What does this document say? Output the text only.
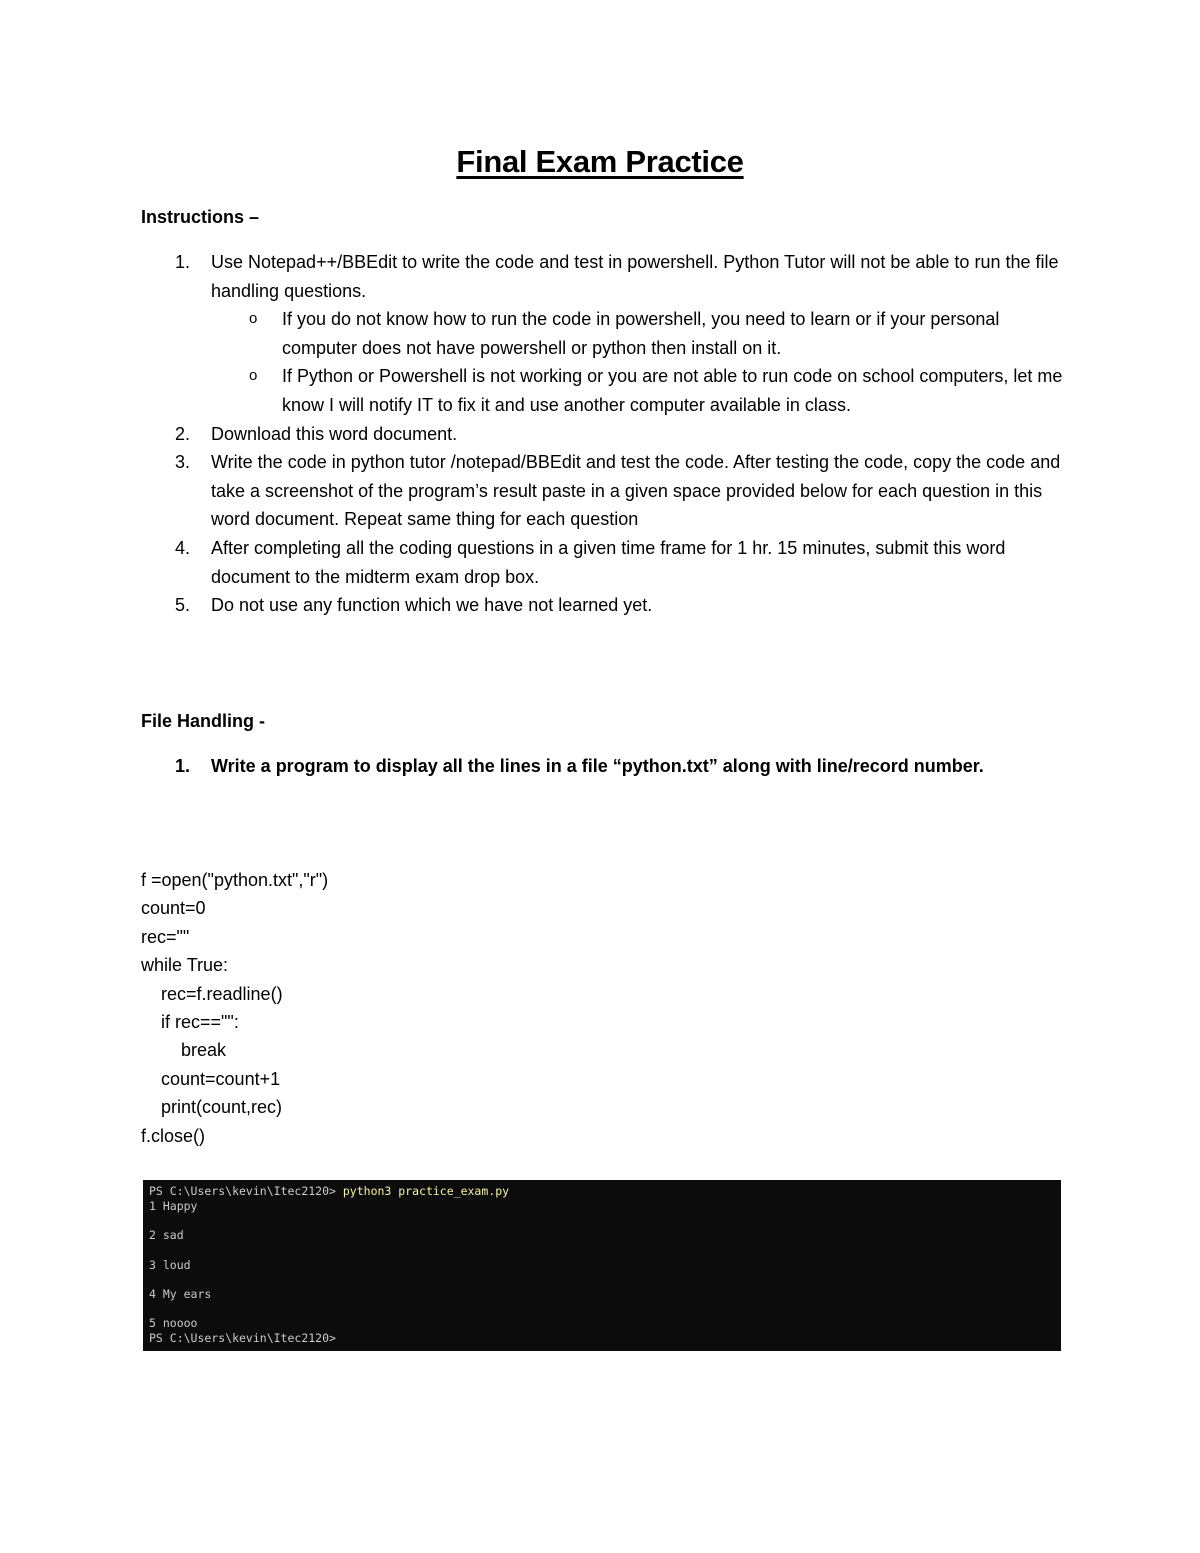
Final Exam Practice
Instructions –
1. Use Notepad++/BBEdit to write the code and test in powershell. Python Tutor will not be able to run the file handling questions.
o If you do not know how to run the code in powershell, you need to learn or if your personal computer does not have powershell or python then install on it.
o If Python or Powershell is not working or you are not able to run code on school computers, let me know I will notify IT to fix it and use another computer available in class.
2. Download this word document.
3. Write the code in python tutor /notepad/BBEdit and test the code. After testing the code, copy the code and take a screenshot of the program’s result paste in a given space provided below for each question in this word document. Repeat same thing for each question
4. After completing all the coding questions in a given time frame for 1 hr. 15 minutes, submit this word document to the midterm exam drop box.
5. Do not use any function which we have not learned yet.
File Handling -
1. Write a program to display all the lines in a file “python.txt” along with line/record number.
f =open("python.txt","r")
count=0
rec=""
while True:
rec=f.readline()
if rec=="":
break
count=count+1
print(count,rec)
f.close()
PS C:\Users\kevin\Itec2120> python3 practice_exam.py
1 Happy

2 sad

3 loud

4 My ears

5 noooo
PS C:\Users\kevin\Itec2120>
